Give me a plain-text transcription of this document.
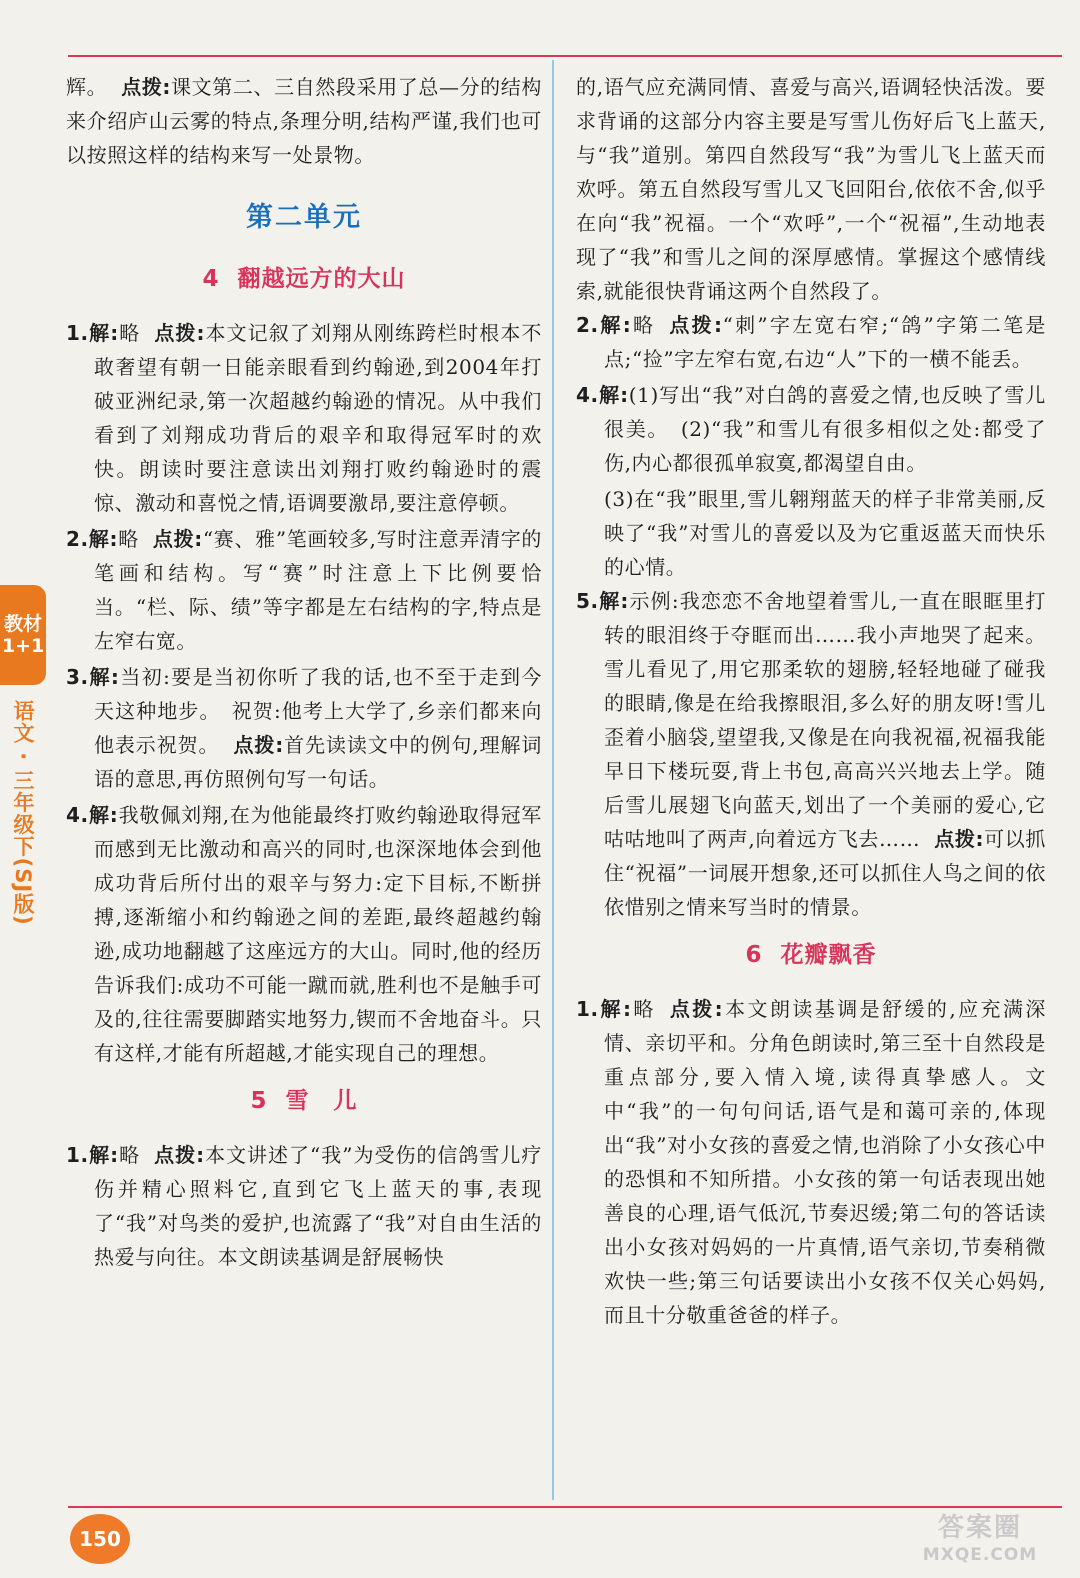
辉。 点拨:课文第二、三自然段采用了总—分的结构来介绍庐山云雾的特点,条理分明,结构严谨,我们也可以按照这样的结构来写一处景物。

第二单元
4 翻越远方的大山

1.解:略 点拨:本文记叙了刘翔从刚练跨栏时根本不敢奢望有朝一日能亲眼看到约翰逊,到2004年打破亚洲纪录,第一次超越约翰逊的情况。从中我们看到了刘翔成功背后的艰辛和取得冠军时的欢快。朗读时要注意读出刘翔打败约翰逊时的震惊、激动和喜悦之情,语调要激昂,要注意停顿。

2.解:略 点拨:“赛、雅”笔画较多,写时注意弄清字的笔画和结构。写“赛”时注意上下比例要恰当。“栏、际、绩”等字都是左右结构的字,特点是左窄右宽。

3.解:当初:要是当初你听了我的话,也不至于走到今天这种地步。　祝贺:他考上大学了,乡亲们都来向他表示祝贺。 点拨:首先读读文中的例句,理解词语的意思,再仿照例句写一句话。

4.解:我敬佩刘翔,在为他能最终打败约翰逊取得冠军而感到无比激动和高兴的同时,也深深地体会到他成功背后所付出的艰辛与努力:定下目标,不断拼搏,逐渐缩小和约翰逊之间的差距,最终超越约翰逊,成功地翻越了这座远方的大山。同时,他的经历告诉我们:成功不可能一蹴而就,胜利也不是触手可及的,往往需要脚踏实地努力,锲而不舍地奋斗。只有这样,才能有所超越,才能实现自己的理想。

5 雪　儿

1.解:略 点拨:本文讲述了“我”为受伤的信鸽雪儿疗伤并精心照料它,直到它飞上蓝天的事,表现了“我”对鸟类的爱护,也流露了“我”对自由生活的热爱与向往。本文朗读基调是舒展畅快

的,语气应充满同情、喜爱与高兴,语调轻快活泼。要求背诵的这部分内容主要是写雪儿伤好后飞上蓝天,与“我”道别。第四自然段写“我”为雪儿飞上蓝天而欢呼。第五自然段写雪儿又飞回阳台,依依不舍,似乎在向“我”祝福。一个“欢呼”,一个“祝福”,生动地表现了“我”和雪儿之间的深厚感情。掌握这个感情线索,就能很快背诵这两个自然段了。

2.解:略 点拨:“刺”字左宽右窄;“鸽”字第二笔是点;“捡”字左窄右宽,右边“人”下的一横不能丢。

4.解:(1)写出“我”对白鸽的喜爱之情,也反映了雪儿很美。　(2)“我”和雪儿有很多相似之处:都受了伤,内心都很孤单寂寞,都渴望自由。

(3)在“我”眼里,雪儿翱翔蓝天的样子非常美丽,反映了“我”对雪儿的喜爱以及为它重返蓝天而快乐的心情。

5.解:示例:我恋恋不舍地望着雪儿,一直在眼眶里打转的眼泪终于夺眶而出……我小声地哭了起来。雪儿看见了,用它那柔软的翅膀,轻轻地碰了碰我的眼睛,像是在给我擦眼泪,多么好的朋友呀!雪儿歪着小脑袋,望望我,又像是在向我祝福,祝福我能早日下楼玩耍,背上书包,高高兴兴地去上学。随后雪儿展翅飞向蓝天,划出了一个美丽的爱心,它咕咕地叫了两声,向着远方飞去…… 点拨:可以抓住“祝福”一词展开想象,还可以抓住人鸟之间的依依惜别之情来写当时的情景。

6 花瓣飘香

1.解:略 点拨:本文朗读基调是舒缓的,应充满深情、亲切平和。分角色朗读时,第三至十自然段是重点部分,要入情入境,读得真挚感人。文中“我”的一句句问话,语气是和蔼可亲的,体现出“我”对小女孩的喜爱之情,也消除了小女孩心中的恐惧和不知所措。小女孩的第一句话表现出她善良的心理,语气低沉,节奏迟缓;第二句的答话读出小女孩对妈妈的一片真情,语气亲切,节奏稍微欢快一些;第三句话要读出小女孩不仅关心妈妈,而且十分敬重爸爸的样子。

教材
1+1
语文 · 三年级下(SJ版)
150	答案圈
MXQE.COM
